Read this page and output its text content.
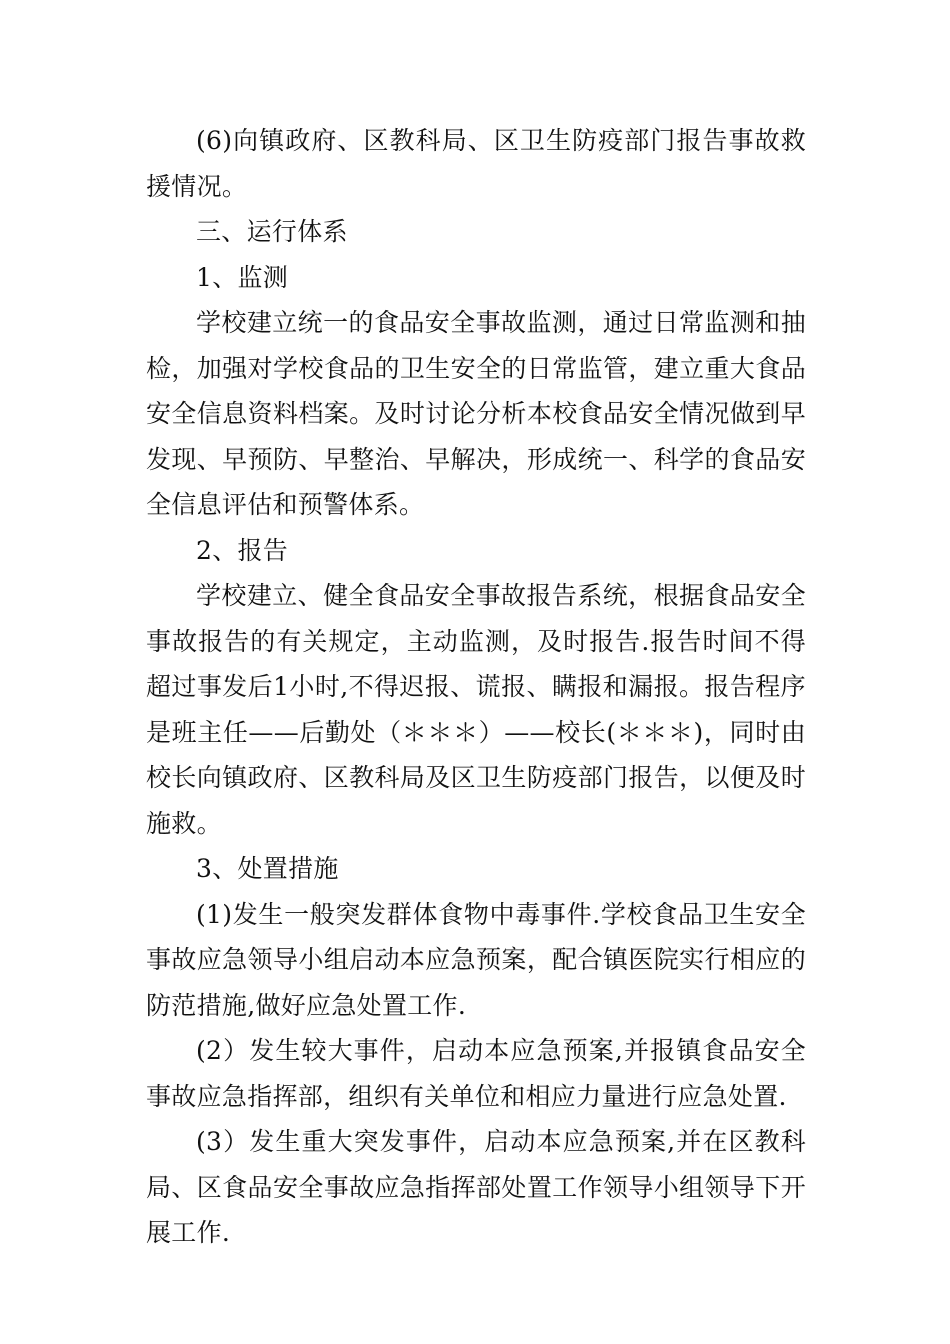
(6)向镇政府、区教科局、区卫生防疫部门报告事故救援情况。

三、运行体系

1、监测

学校建立统一的食品安全事故监测，通过日常监测和抽检，加强对学校食品的卫生安全的日常监管，建立重大食品安全信息资料档案。及时讨论分析本校食品安全情况做到早发现、早预防、早整治、早解决，形成统一、科学的食品安全信息评估和预警体系。

2、报告

学校建立、健全食品安全事故报告系统，根据食品安全事故报告的有关规定，主动监测，及时报告.报告时间不得超过事发后1小时,不得迟报、谎报、瞒报和漏报。报告程序是班主任——后勤处（＊＊＊）——校长(＊＊＊)，同时由校长向镇政府、区教科局及区卫生防疫部门报告，以便及时施救。

3、处置措施

(1)发生一般突发群体食物中毒事件.学校食品卫生安全事故应急领导小组启动本应急预案，配合镇医院实行相应的防范措施,做好应急处置工作.

(2）发生较大事件，启动本应急预案,并报镇食品安全事故应急指挥部，组织有关单位和相应力量进行应急处置.

(3）发生重大突发事件，启动本应急预案,并在区教科局、区食品安全事故应急指挥部处置工作领导小组领导下开展工作.
